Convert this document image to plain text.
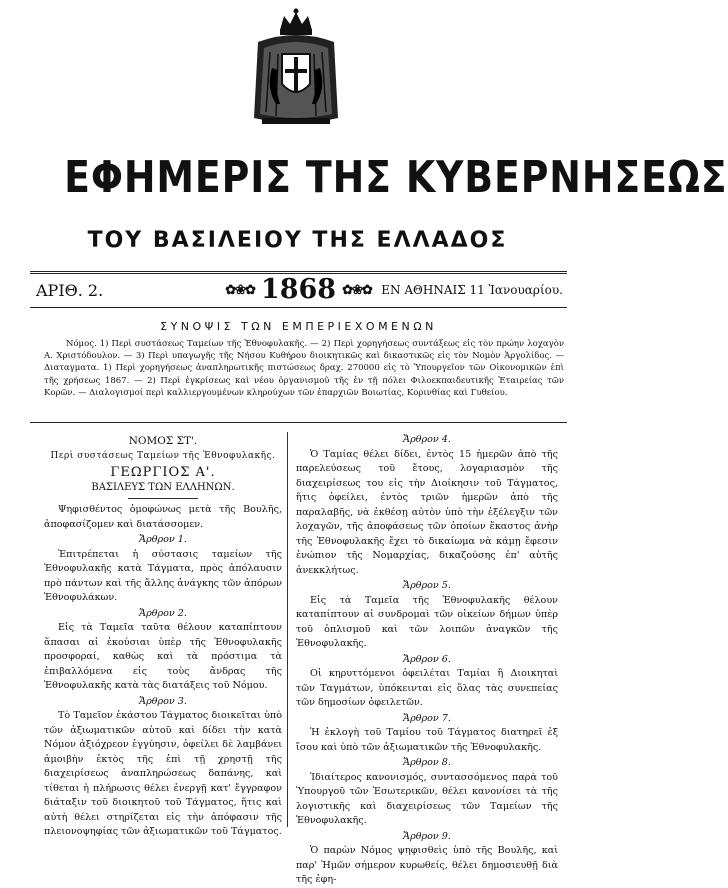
ΕΦΗΜΕΡΙΣ ΤΗΣ ΚΥΒΕΡΝΗΣΕΩΣ
ΤΟΥ ΒΑΣΙΛΕΙΟΥ ΤΗΣ ΕΛΛΑΔΟΣ
ΑΡΙΘ. 2.	✿❀✿ 1868 ✿❀✿ ΕΝ ΑΘΗΝΑΙΣ 11 Ἰανουαρίου.
ΣΥΝΟΨΙΣ ΤΩΝ ΕΜΠΕΡΙΕΧΟΜΕΝΩΝ

Νόμος. 1) Περὶ συστάσεως Ταμείων τῆς Ἑθνοφυλακῆς. — 2) Περὶ χορηγήσεως συντάξεως εἰς τὸν πρώην λοχαγὸν Α. Χριστόδουλον. — 3) Περὶ υπαγωγῆς τῆς Νήσου Κυθήρου διοικητικῶς καὶ δικαστικῶς εἰς τὸν Νομὸν Ἀργολίδος. — Διαταγματα. 1) Περὶ χορηγήσεως ἀναπληρωτικῆς πιστώσεως δραχ. 270000 εἰς τὸ Ὑπουργεῖον τῶν Οἰκονομικῶν ἐπὶ τῆς χρήσεως 1867. — 2) Περὶ ἐγκρίσεως καὶ νέου ὀργανισμοῦ τῆς ἐν τῇ πόλει Φιλοεκπαιδευτικῆς Ἑταιρείας τῶν Κορῶν. — Διαλογισμοί περὶ καλλιεργουμένων κληρούχων τῶν ἐπαρχιῶν Βοιωτίας, Κορινθίας καὶ Γυθείου.

ΝΟΜΟΣ ΣΤ'.

Περὶ συστάσεως Ταμείων τῆς Ἑθνοφυλακῆς.

ΓΕΩΡΓΙΟΣ Α'.

ΒΑΣΙΛΕΥΣ ΤΩΝ ΕΛΛΗΝΩΝ.

Ψηφισθέντος ὁμοφώνως μετὰ τῆς Βουλῆς, ἀποφασίζομεν καὶ διατάσσομεν.

Ἄρθρον 1.

Ἐπιτρέπεται ἡ σύστασις ταμείων τῆς Ἑθνοφυλακῆς κατὰ Τάγματα, πρὸς ἀπόλαυσιν πρὸ πάντων καὶ τῆς ἄλλης ἀνάγκης τῶν ἀπόρων Ἑθνοφυλάκων.

Ἄρθρον 2.

Εἰς τὰ Ταμεῖα ταῦτα θέλουν καταπίπτουν ἅπασαι αἱ ἐκούσιαι ὑπὲρ τῆς Ἑθνοφυλακῆς προσφοραί, καθὼς καὶ τὰ πρόστιμα τὰ ἐπιβαλλόμενα εἰς τοὺς ἄνδρας τῆς Ἑθνοφυλακῆς κατὰ τὰς διατάξεις τοῦ Νόμου.

Ἄρθρον 3.

Τὸ Ταμεῖον ἑκάστου Τάγματος διοικεῖται ὑπὸ τῶν ἀξιωματικῶν αὐτοῦ καὶ δίδει τὴν κατὰ Νόμον ἀξιόχρεον ἐγγύησιν, ὀφείλει δὲ λαμβάνει ἀμοιβὴν ἐκτὸς τῆς ἐπὶ τῇ χρηστῇ τῆς διαχειρίσεως ἀναπληρώσεως δαπάνης, καὶ τίθεται ἡ πλήρωσις θέλει ἐνεργῇ κατ' ἔγγραφον διάταξιν τοῦ διοικητοῦ τοῦ Τάγματος, ἥτις καὶ αὐτὴ θέλει στηρίζεται εἰς τὴν ἀπόφασιν τῆς πλειονοψηφίας τῶν ἀξιωματικῶν τοῦ Τάγματος.

Ἄρθρον 4.

Ὁ Ταμίας θέλει δίδει, ἐντὸς 15 ἡμερῶν ἀπὸ τῆς παρελεύσεως τοῦ ἔτους, λογαριασμὸν τῆς διαχειρίσεως του εἰς τὴν Διοίκησιν τοῦ Τάγματος, ἥτις ὀφείλει, ἐντὸς τριῶν ἡμερῶν ἀπὸ τῆς παραλαβῆς, νὰ ἐκθέσῃ αὐτὸν ὑπὸ τὴν ἐξέλεγξιν τῶν λοχαγῶν, τῆς ἀποφάσεως τῶν ὁποίων ἕκαστος ἀνὴρ τῆς Ἑθνοφυλακῆς ἔχει τὸ δικαίωμα νὰ κάμῃ ἔφεσιν ἐνώπιον τῆς Νομαρχίας, δικαζούσης ἐπ' αὐτῆς ἀνεκκλήτως.

Ἄρθρον 5.

Εἰς τὰ Ταμεῖα τῆς Ἑθνοφυλακῆς θέλουν καταπίπτουν αἱ συνδρομαὶ τῶν οἰκείων δήμων ὑπὲρ τοῦ ὁπλισμοῦ καὶ τῶν λοιπῶν ἀναγκῶν τῆς Ἑθνοφυλακῆς.

Ἄρθρον 6.

Οἱ κηρυττόμενοι ὀφειλέται Ταμίαι ἢ Διοικηταὶ τῶν Ταγμάτων, ὑπόκεινται εἰς ὅλας τὰς συνεπείας τῶν δημοσίων ὀφειλετῶν.

Ἄρθρον 7.

Ἡ ἐκλογὴ τοῦ Ταμίου τοῦ Τάγματος διατηρεῖ ἐξ ἴσου καὶ ὑπὸ τῶν ἀξιωματικῶν τῆς Ἑθνοφυλακῆς.

Ἄρθρον 8.

Ἰδιαίτερος κανονισμός, συντασσόμενος παρὰ τοῦ Ὑπουργοῦ τῶν Ἐσωτερικῶν, θέλει κανονίσει τὰ τῆς λογιστικῆς καὶ διαχειρίσεως τῶν Ταμείων τῆς Ἑθνοφυλακῆς.

Ἄρθρον 9.

Ὁ παρὼν Νόμος ψηφισθεὶς ὑπὸ τῆς Βουλῆς, καὶ παρ' Ἡμῶν σήμερον κυρωθείς, θέλει δημοσιευθῇ διὰ τῆς ἐφη-
